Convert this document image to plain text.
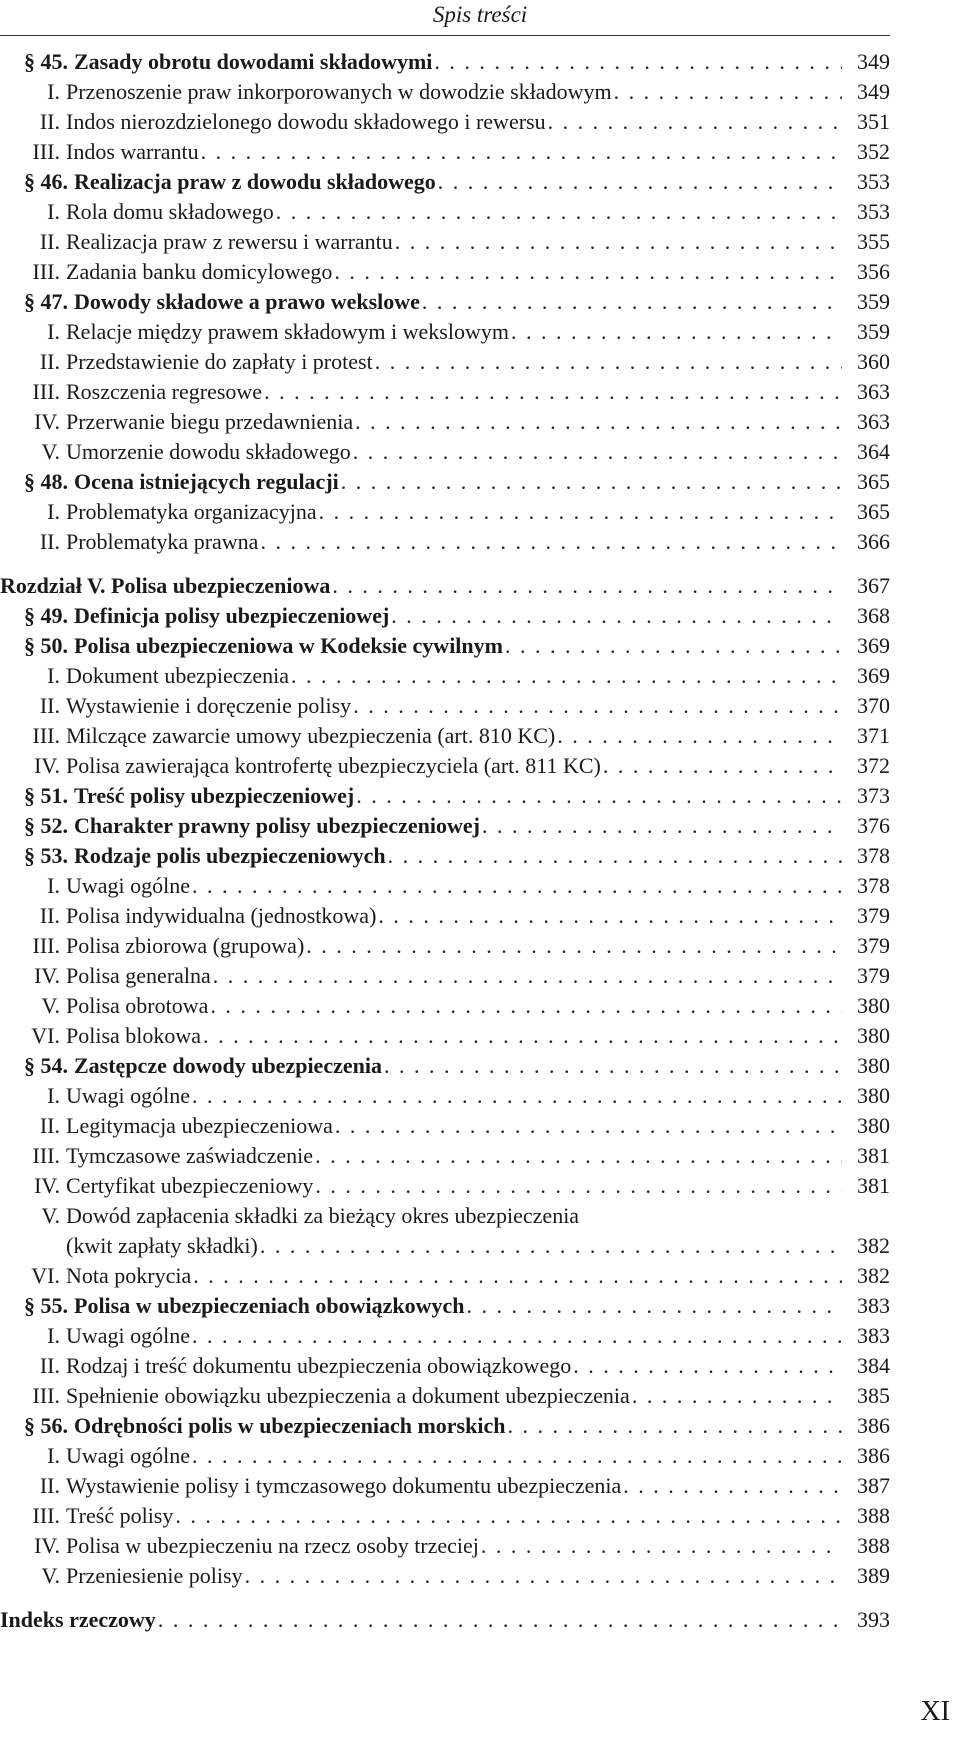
Spis treści
§ 45. Zasady obrotu dowodami składowymi . . .	349
I. Przenoszenie praw inkorporowanych w dowodzie składowym . . .	349
II. Indos nierozdzielonego dowodu składowego i rewersu . . .	351
III. Indos warrantu . . .	352
§ 46. Realizacja praw z dowodu składowego . . .	353
I. Rola domu składowego . . .	353
II. Realizacja praw z rewersu i warrantu . . .	355
III. Zadania banku domicylowego . . .	356
§ 47. Dowody składowe a prawo wekslowe . . .	359
I. Relacje między prawem składowym i wekslowym . . .	359
II. Przedstawienie do zapłaty i protest . . .	360
III. Roszczenia regresowe . . .	363
IV. Przerwanie biegu przedawnienia . . .	363
V. Umorzenie dowodu składowego . . .	364
§ 48. Ocena istniejących regulacji . . .	365
I. Problematyka organizacyjna . . .	365
II. Problematyka prawna . . .	366
Rozdział V. Polisa ubezpieczeniowa . . .	367
§ 49. Definicja polisy ubezpieczeniowej . . .	368
§ 50. Polisa ubezpieczeniowa w Kodeksie cywilnym . . .	369
I. Dokument ubezpieczenia . . .	369
II. Wystawienie i doręczenie polisy . . .	370
III. Milczące zawarcie umowy ubezpieczenia (art. 810 KC) . . .	371
IV. Polisa zawierająca kontrofertę ubezpieczyciela (art. 811 KC) . . .	372
§ 51. Treść polisy ubezpieczeniowej . . .	373
§ 52. Charakter prawny polisy ubezpieczeniowej . . .	376
§ 53. Rodzaje polis ubezpieczeniowych . . .	378
I. Uwagi ogólne . . .	378
II. Polisa indywidualna (jednostkowa) . . .	379
III. Polisa zbiorowa (grupowa) . . .	379
IV. Polisa generalna . . .	379
V. Polisa obrotowa . . .	380
VI. Polisa blokowa . . .	380
§ 54. Zastępcze dowody ubezpieczenia . . .	380
I. Uwagi ogólne . . .	380
II. Legitymacja ubezpieczeniowa . . .	380
III. Tymczasowe zaświadczenie . . .	381
IV. Certyfikat ubezpieczeniowy . . .	381
V. Dowód zapłacenia składki za bieżący okres ubezpieczenia
(kwit zapłaty składki) . . .	382
VI. Nota pokrycia . . .	382
§ 55. Polisa w ubezpieczeniach obowiązkowych . . .	383
I. Uwagi ogólne . . .	383
II. Rodzaj i treść dokumentu ubezpieczenia obowiązkowego . . .	384
III. Spełnienie obowiązku ubezpieczenia a dokument ubezpieczenia . . .	385
§ 56. Odrębności polis w ubezpieczeniach morskich . . .	386
I. Uwagi ogólne . . .	386
II. Wystawienie polisy i tymczasowego dokumentu ubezpieczenia . . .	387
III. Treść polisy . . .	388
IV. Polisa w ubezpieczeniu na rzecz osoby trzeciej . . .	388
V. Przeniesienie polisy . . .	389
Indeks rzeczowy . . .	393
XI
